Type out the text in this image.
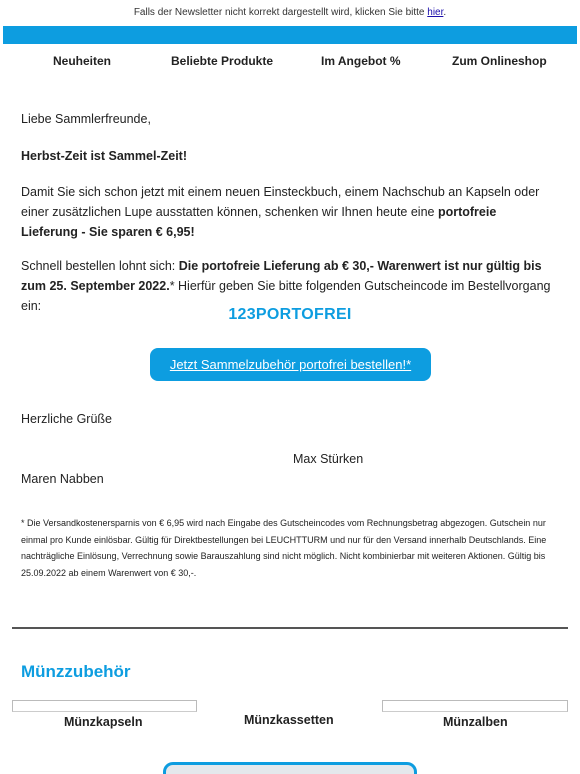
Falls der Newsletter nicht korrekt dargestellt wird, klicken Sie bitte hier.
Neuheiten	Beliebte Produkte	Im Angebot %	Zum Onlineshop

Liebe Sammlerfreunde,

Herbst-Zeit ist Sammel-Zeit!

Damit Sie sich schon jetzt mit einem neuen Einsteckbuch, einem Nachschub an Kapseln oder einer zusätzlichen Lupe ausstatten können, schenken wir Ihnen heute eine portofreie Lieferung - Sie sparen € 6,95!

Schnell bestellen lohnt sich: Die portofreie Lieferung ab € 30,- Warenwert ist nur gültig bis zum 25. September 2022.* Hierfür geben Sie bitte folgenden Gutscheincode im Bestellvorgang ein:	123PORTOFREI
Jetzt Sammelzubehör portofrei bestellen!*

Herzliche Grüße

Max Stürken

Maren Nabben

* Die Versandkostenersparnis von € 6,95 wird nach Eingabe des Gutscheincodes vom Rechnungsbetrag abgezogen. Gutschein nur einmal pro Kunde einlösbar. Gültig für Direktbestellungen bei LEUCHTTURM und nur für den Versand innerhalb Deutschlands. Eine nachträgliche Einlösung, Verrechnung sowie Barauszahlung sind nicht möglich. Nicht kombinierbar mit weiteren Aktionen. Gültig bis 25.09.2022 ab einem Warenwert von € 30,-.

Münzzubehör
Münzkapseln	Münzkassetten	Münzalben
